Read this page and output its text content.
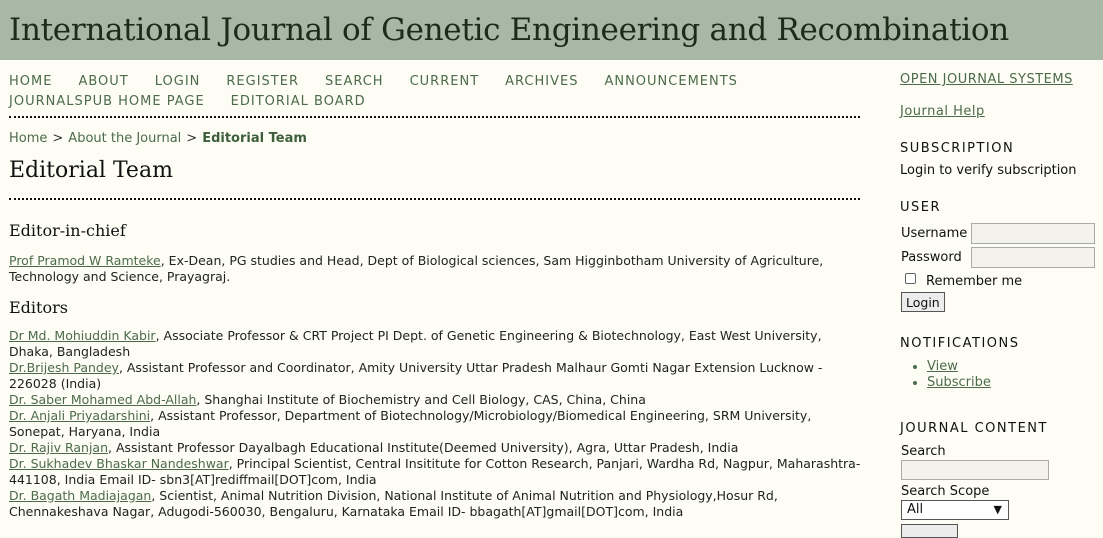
International Journal of Genetic Engineering and Recombination
HOME ABOUT LOGIN REGISTER SEARCH CURRENT ARCHIVES ANNOUNCEMENTS
JOURNALSPUB HOME PAGE EDITORIAL BOARD
Home > About the Journal > Editorial Team
Editorial Team
Editor-in-chief
Prof Pramod W Ramteke, Ex-Dean, PG studies and Head, Dept of Biological sciences, Sam Higginbotham University of Agriculture, Technology and Science, Prayagraj.
Editors

Dr Md. Mohiuddin Kabir, Associate Professor & CRT Project PI Dept. of Genetic Engineering & Biotechnology, East West University, Dhaka, Bangladesh

Dr.Brijesh Pandey, Assistant Professor and Coordinator, Amity University Uttar Pradesh Malhaur Gomti Nagar Extension Lucknow - 226028 (India)

Dr. Saber Mohamed Abd-Allah, Shanghai Institute of Biochemistry and Cell Biology, CAS, China, China

Dr. Anjali Priyadarshini, Assistant Professor, Department of Biotechnology/Microbiology/Biomedical Engineering, SRM University, Sonepat, Haryana, India

Dr. Rajiv Ranjan, Assistant Professor Dayalbagh Educational Institute(Deemed University), Agra, Uttar Pradesh, India

Dr. Sukhadev Bhaskar Nandeshwar, Principal Scientist, Central Insititute for Cotton Research, Panjari, Wardha Rd, Nagpur, Maharashtra- 441108, India Email ID- sbn3[AT]rediffmail[DOT]com, India

Dr. Bagath Madiajagan, Scientist, Animal Nutrition Division, National Institute of Animal Nutrition and Physiology,Hosur Rd, Chennakeshava Nagar, Adugodi-560030, Bengaluru, Karnataka Email ID- bbagath[AT]gmail[DOT]com, India

OPEN JOURNAL SYSTEMS
Journal Help
SUBSCRIPTION
Login to verify subscription
USER
Username
Password
Remember me
Login
NOTIFICATIONS
• View
• Subscribe
JOURNAL CONTENT
Search
Search Scope
All	▼
